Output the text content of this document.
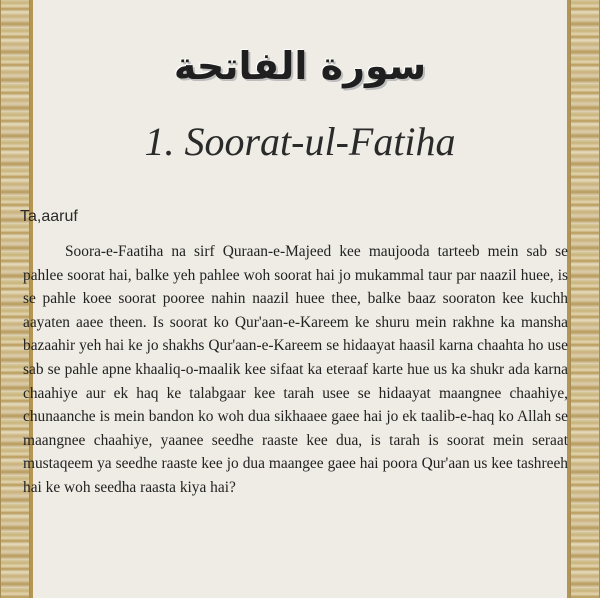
سورة الفاتحة
1. Soorat-ul-Fatiha
Ta,aaruf

Soora-e-Faatiha na sirf Quraan-e-Majeed kee maujooda tarteeb mein sab se pahlee soorat hai, balke yeh pahlee woh soorat hai jo mukammal taur par naazil huee, is se pahle koee soorat pooree nahin naazil huee thee, balke baaz sooraton kee kuchh aayaten aaee theen. Is soorat ko Qur'aan-e-Kareem ke shuru mein rakhne ka mansha bazaahir yeh hai ke jo shakhs Qur'aan-e-Kareem se hidaayat haasil karna chaahta ho use sab se pahle apne khaaliq-o-maalik kee sifaat ka eteraaf karte hue us ka shukr ada karna chaahiye aur ek haq ke talabgaar kee tarah usee se hidaayat maangnee chaahiye, chunaanche is mein bandon ko woh dua sikhaaee gaee hai jo ek taalib-e-haq ko Allah se maangnee chaahiye, yaanee seedhe raaste kee dua, is tarah is soorat mein seraat mustaqeem ya seedhe raaste kee jo dua maangee gaee hai poora Qur'aan us kee tashreeh hai ke woh seedha raasta kiya hai?
